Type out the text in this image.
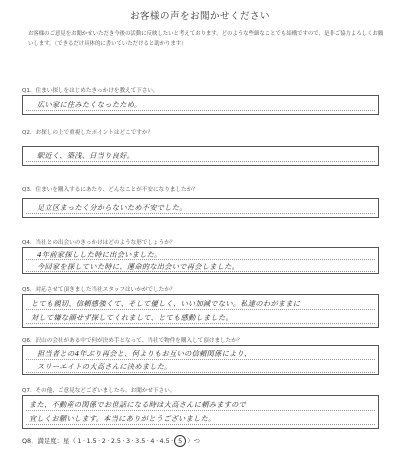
お客様の声をお聞かせください
お客様のご意見をお聞かせいただき今後の活動に反映したいと考えております。どのような些細なことでも結構ですので、是非ご協力よろしくお願いします。（できるだけ具体的に書いていただけると助かります）
Q1．住まい探しをはじめたきっかけを教えて下さい。
広い家に住みたくなったため。
Q2．お探しの上で重視したポイントはどこですか？
駅近く、築浅、日当り良好。
Q3．住まいを購入するにあたり、どんなことが不安になりましたか？
足立区まったく分からないため不安でした。
Q4．当社との出会いのきっかけはどのような形でしょうか？
4年前家探しした時に出会いました。
今回家を探していた時に、運命的な出会いで再会しました。
Q5．対応させて頂きました当社スタッフはいかがでしたか？
とても親切、信頼感強くて、そして優しく、いい加減でない。私達のわがままに
対して嫌な顔せず探してくれまして、とても感動しました。
Q6．沢山の会社がある中で何が決め手となって、当社で物件を購入して頂けましたか？
担当者との4年ぶり再会と、何よりもお互いの信頼関係により、
スリーエイトの大高さんに決めました。
Q7．その他、ご意見などございましたら、お聞かせ下さい。
また、不動産の関係でお世話になる時は大高さんに頼みますので
宜しくお願いします。本当にありがとうございました。
Q8．満足度：星（ 1 · 1.5 · 2 · 2.5 · 3 · 3.5 · 4 · 4.5 · 5 ）つ
